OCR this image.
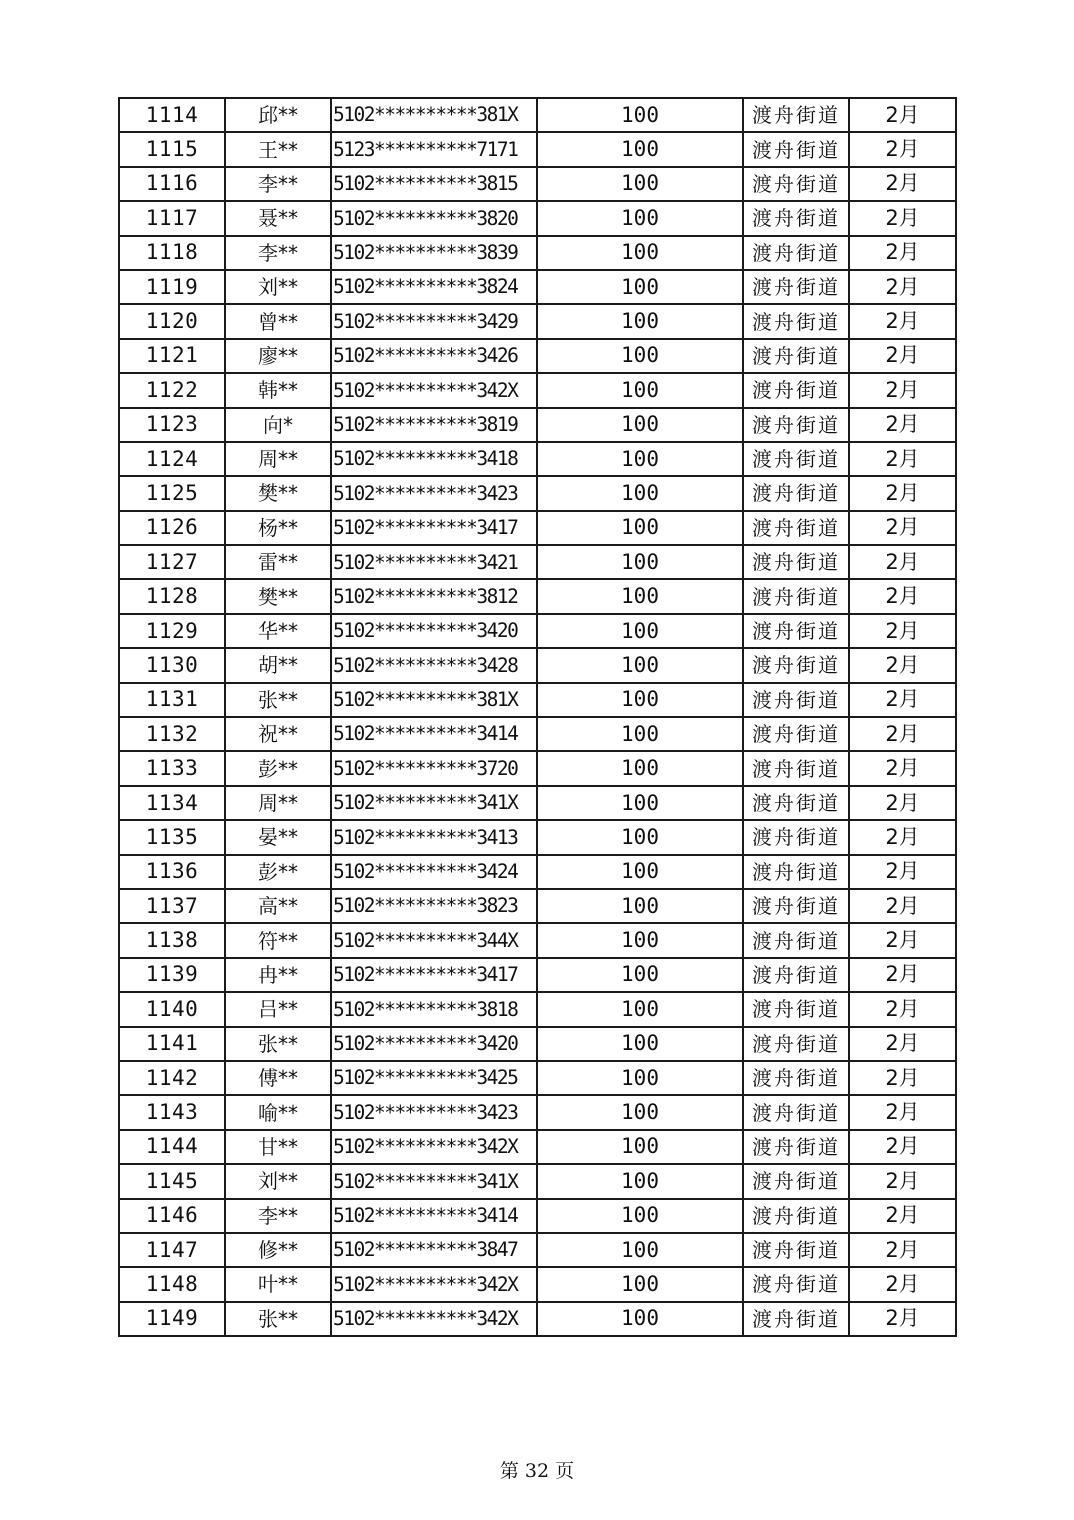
1114	邱**	5102**********381X	100	渡舟街道	2月
1115	王**	5123**********7171	100	渡舟街道	2月
1116	李**	5102**********3815	100	渡舟街道	2月
1117	聂**	5102**********3820	100	渡舟街道	2月
1118	李**	5102**********3839	100	渡舟街道	2月
1119	刘**	5102**********3824	100	渡舟街道	2月
1120	曾**	5102**********3429	100	渡舟街道	2月
1121	廖**	5102**********3426	100	渡舟街道	2月
1122	韩**	5102**********342X	100	渡舟街道	2月
1123	向*	5102**********3819	100	渡舟街道	2月
1124	周**	5102**********3418	100	渡舟街道	2月
1125	樊**	5102**********3423	100	渡舟街道	2月
1126	杨**	5102**********3417	100	渡舟街道	2月
1127	雷**	5102**********3421	100	渡舟街道	2月
1128	樊**	5102**********3812	100	渡舟街道	2月
1129	华**	5102**********3420	100	渡舟街道	2月
1130	胡**	5102**********3428	100	渡舟街道	2月
1131	张**	5102**********381X	100	渡舟街道	2月
1132	祝**	5102**********3414	100	渡舟街道	2月
1133	彭**	5102**********3720	100	渡舟街道	2月
1134	周**	5102**********341X	100	渡舟街道	2月
1135	晏**	5102**********3413	100	渡舟街道	2月
1136	彭**	5102**********3424	100	渡舟街道	2月
1137	高**	5102**********3823	100	渡舟街道	2月
1138	符**	5102**********344X	100	渡舟街道	2月
1139	冉**	5102**********3417	100	渡舟街道	2月
1140	吕**	5102**********3818	100	渡舟街道	2月
1141	张**	5102**********3420	100	渡舟街道	2月
1142	傅**	5102**********3425	100	渡舟街道	2月
1143	喻**	5102**********3423	100	渡舟街道	2月
1144	甘**	5102**********342X	100	渡舟街道	2月
1145	刘**	5102**********341X	100	渡舟街道	2月
1146	李**	5102**********3414	100	渡舟街道	2月
1147	修**	5102**********3847	100	渡舟街道	2月
1148	叶**	5102**********342X	100	渡舟街道	2月
1149	张**	5102**********342X	100	渡舟街道	2月
第 32 页
